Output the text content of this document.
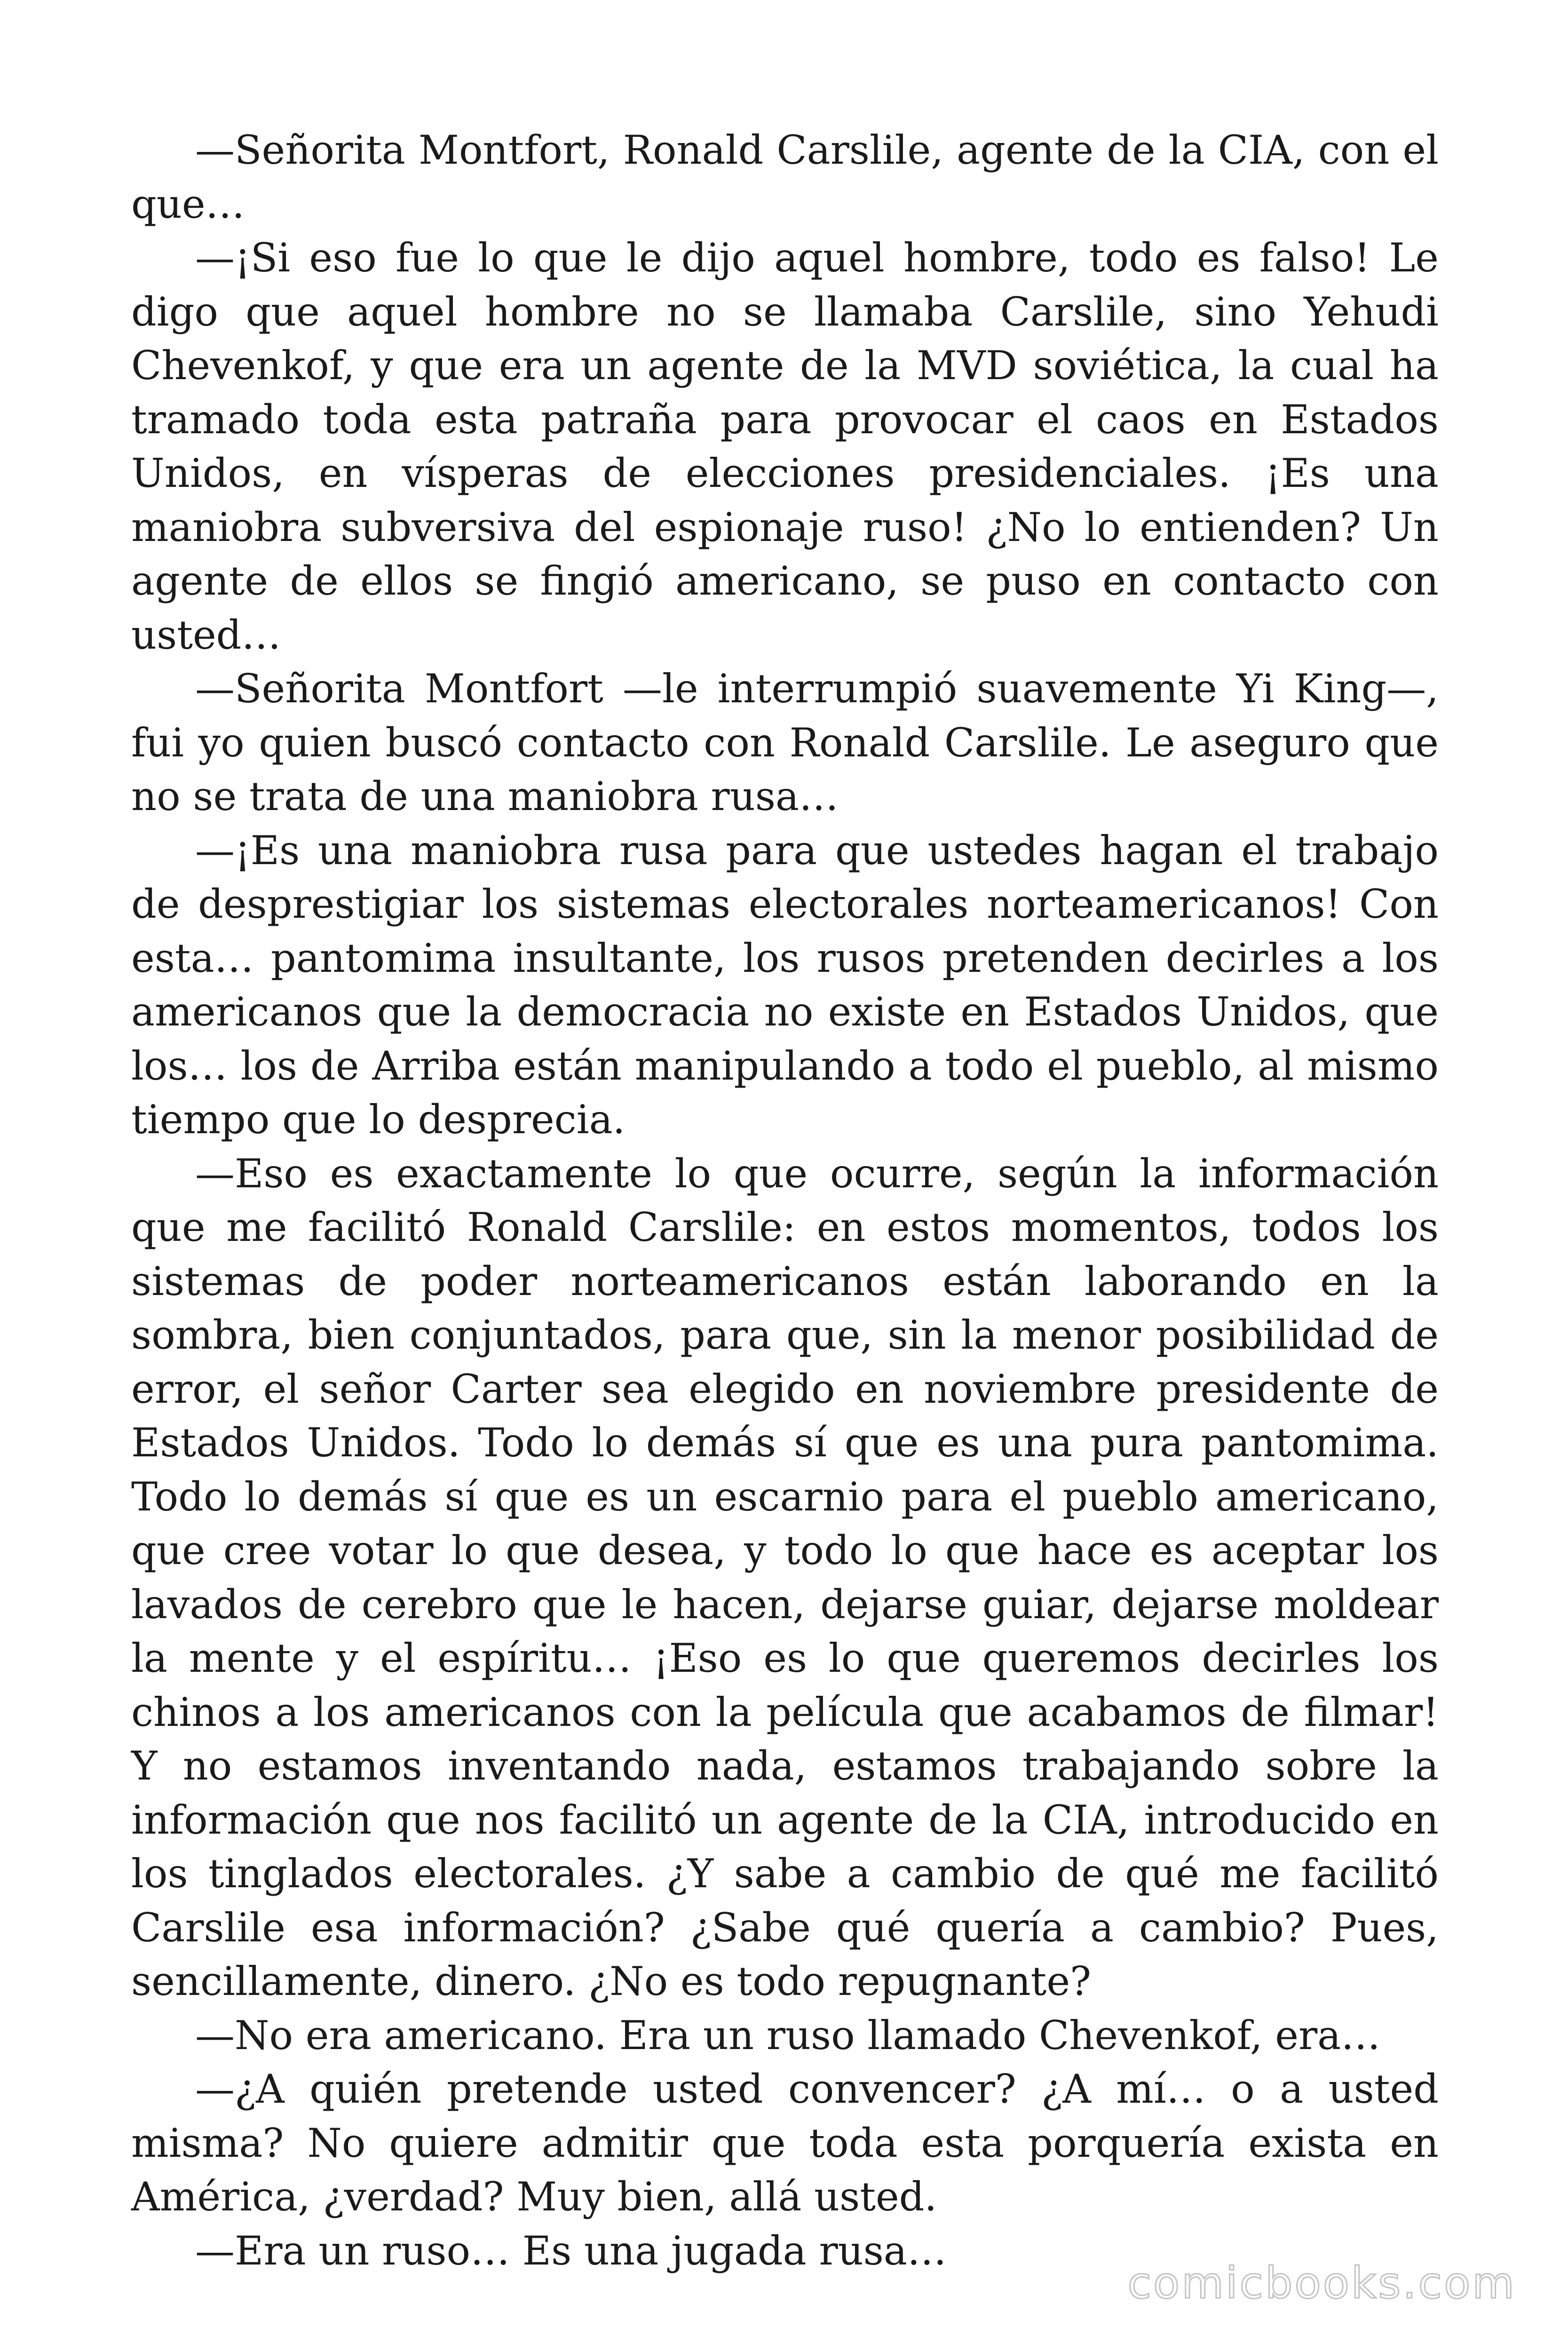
—Señorita Montfort, Ronald Carslile, agente de la CIA, con el que…

—¡Si eso fue lo que le dijo aquel hombre, todo es falso! Le digo que aquel hombre no se llamaba Carslile, sino Yehudi Chevenkof, y que era un agente de la MVD soviética, la cual ha tramado toda esta patraña para provocar el caos en Estados Unidos, en vísperas de elecciones presidenciales. ¡Es una maniobra subversiva del espionaje ruso! ¿No lo entienden? Un agente de ellos se fingió americano, se puso en contacto con usted…

—Señorita Montfort —le interrumpió suavemente Yi King—, fui yo quien buscó contacto con Ronald Carslile. Le aseguro que no se trata de una maniobra rusa…

—¡Es una maniobra rusa para que ustedes hagan el trabajo de desprestigiar los sistemas electorales norteamericanos! Con esta… pantomima insultante, los rusos pretenden decirles a los americanos que la democracia no existe en Estados Unidos, que los… los de Arriba están manipulando a todo el pueblo, al mismo tiempo que lo desprecia.

—Eso es exactamente lo que ocurre, según la información que me facilitó Ronald Carslile: en estos momentos, todos los sistemas de poder norteamericanos están laborando en la sombra, bien conjuntados, para que, sin la menor posibilidad de error, el señor Carter sea elegido en noviembre presidente de Estados Unidos. Todo lo demás sí que es una pura pantomima. Todo lo demás sí que es un escarnio para el pueblo americano, que cree votar lo que desea, y todo lo que hace es aceptar los lavados de cerebro que le hacen, dejarse guiar, dejarse moldear la mente y el espíritu… ¡Eso es lo que queremos decirles los chinos a los americanos con la película que acabamos de filmar! Y no estamos inventando nada, estamos trabajando sobre la información que nos facilitó un agente de la CIA, introducido en los tinglados electorales. ¿Y sabe a cambio de qué me facilitó Carslile esa información? ¿Sabe qué quería a cambio? Pues, sencillamente, dinero. ¿No es todo repugnante?

—No era americano. Era un ruso llamado Chevenkof, era…

—¿A quién pretende usted convencer? ¿A mí… o a usted misma? No quiere admitir que toda esta porquería exista en América, ¿verdad? Muy bien, allá usted.

—Era un ruso… Es una jugada rusa…

comicbooks.com
